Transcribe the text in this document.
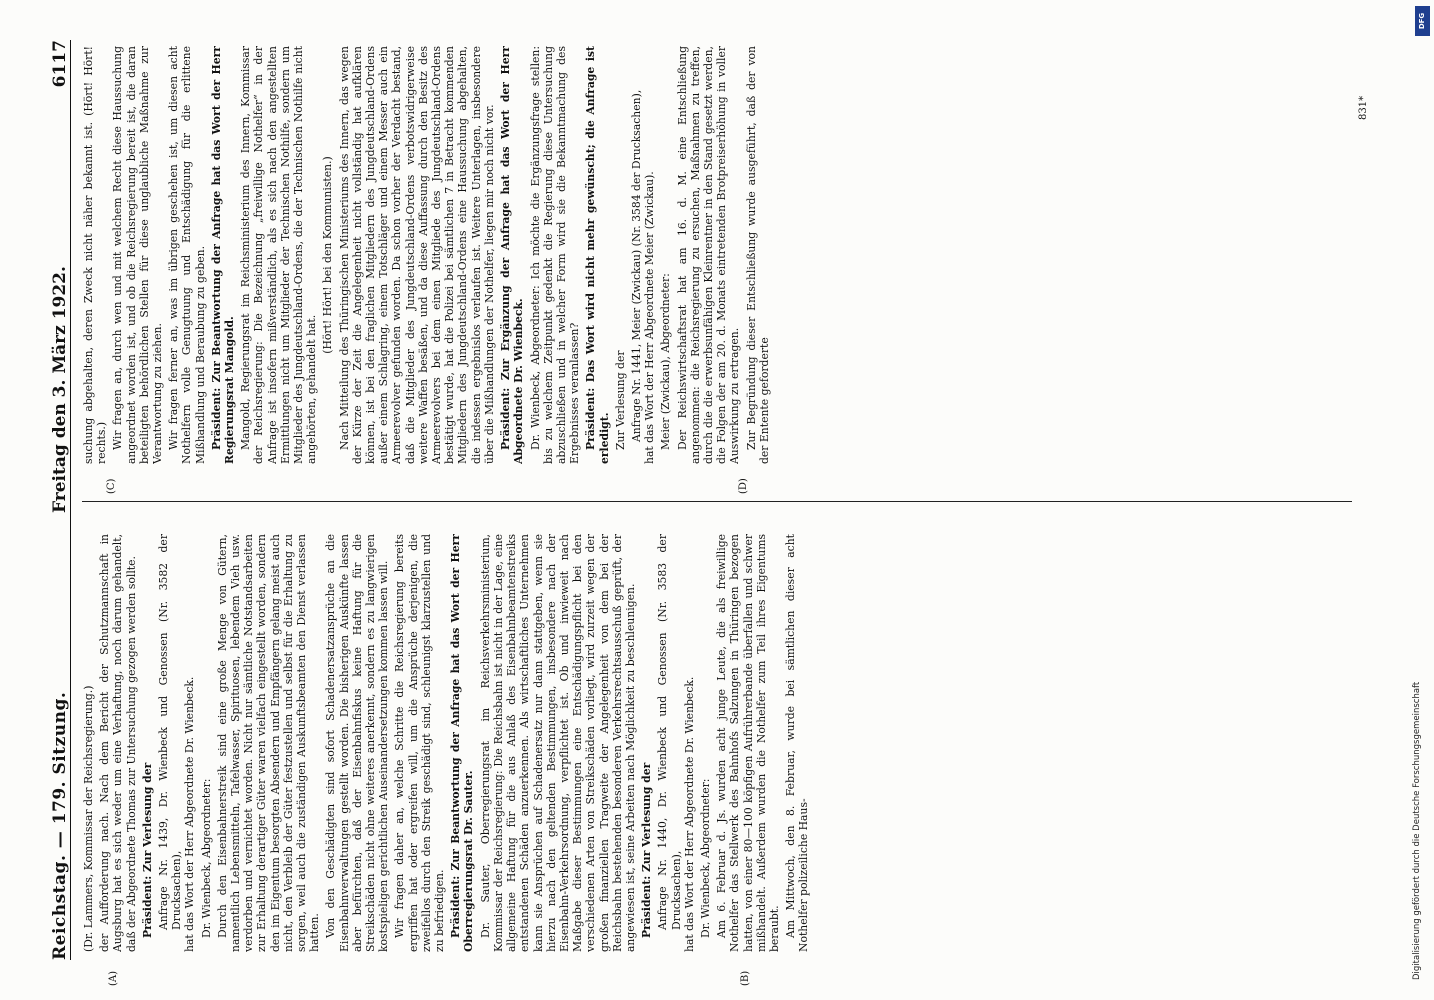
Reichstag. — 179. Sitzung.
Freitag den 3. März 1922.
6117
(A)	(B)
(C)	(D)

(Dr. Lammers, Kommissar der Reichsregierung.) der Aufforderung nach. Nach dem Bericht der Schutzmannschaft in Augsburg hat es sich weder um eine Verhaftung, noch darum gehandelt, daß der Abgeordnete Thomas zur Untersuchung gezogen werden sollte. Präsident: Zur Verlesung der Anfrage Nr. 1439, Dr. Wienbeck und Genossen (Nr. 3582 der Drucksachen), hat das Wort der Herr Abgeordnete Dr. Wienbeck. Dr. Wienbeck, Abgeordneter: Durch den Eisenbahnerstreik sind eine große Menge von Gütern, namentlich Lebensmitteln, Tafelwasser, Spirituosen, lebendem Vieh usw. verdorben und vernichtet worden. Nicht nur sämtliche Notstandsarbeiten zur Erhaltung derartiger Güter waren vielfach eingestellt worden, sondern den im Eigentum besorgten Absendern und Empfängern gelang meist auch nicht, den Verbleib der Güter festzustellen und selbst für die Erhaltung zu sorgen, weil auch die zuständigen Auskunftsbeamten den Dienst verlassen hatten. Von den Geschädigten sind sofort Schadenersatzansprüche an die Eisenbahnverwaltungen gestellt worden. Die bisherigen Auskünfte lassen aber befürchten, daß der Eisenbahnfiskus keine Haftung für die Streikschäden nicht ohne weiteres anerkennt, sondern es zu langwierigen kostspieligen gerichtlichen Auseinandersetzungen kommen lassen will. Wir fragen daher an, welche Schritte die Reichsregierung bereits ergriffen hat oder ergreifen will, um die Ansprüche derjenigen, die zweifellos durch den Streik geschädigt sind, schleunigst klarzustellen und zu befriedigen. Präsident: Zur Beantwortung der Anfrage hat das Wort der Herr Oberregierungsrat Dr. Sauter. Dr. Sauter, Oberregierungsrat im Reichsverkehrsministerium, Kommissar der Reichsregierung: Die Reichsbahn ist nicht in der Lage, eine allgemeine Haftung für die aus Anlaß des Eisenbahnbeamtenstreiks entstandenen Schäden anzuerkennen. Als wirtschaftliches Unternehmen kann sie Ansprüchen auf Schadenersatz nur dann stattgeben, wenn sie hierzu nach den geltenden Bestimmungen, insbesondere nach der Eisenbahn-Verkehrsordnung, verpflichtet ist. Ob und inwieweit nach Maßgabe dieser Bestimmungen eine Entschädigungspflicht bei den verschiedenen Arten von Streikschäden vorliegt, wird zurzeit wegen der großen finanziellen Tragweite der Angelegenheit von dem bei der Reichsbahn bestehenden besonderen Verkehrsrechtsausschuß geprüft, der angewiesen ist, seine Arbeiten nach Möglichkeit zu beschleunigen. Präsident: Zur Verlesung der Anfrage Nr. 1440, Dr. Wienbeck und Genossen (Nr. 3583 der Drucksachen), hat das Wort der Herr Abgeordnete Dr. Wienbeck. Dr. Wienbeck, Abgeordneter: Am 6. Februar d. Js. wurden acht junge Leute, die als freiwillige Nothelfer das Stellwerk des Bahnhofs Salzungen in Thüringen bezogen hatten, von einer 80—100 köpfigen Aufrührerbande überfallen und schwer mißhandelt. Außerdem wurden die Nothelfer zum Teil ihres Eigentums beraubt. Am Mittwoch, den 8. Februar, wurde bei sämtlichen dieser acht Nothelfer polizeiliche Haus-

suchung abgehalten, deren Zweck nicht näher bekannt ist. (Hört! Hört! rechts.) Wir fragen an, durch wen und mit welchem Recht diese Haussuchung angeordnet worden ist, und ob die Reichsregierung bereit ist, die daran beteiligten behördlichen Stellen für diese unglaubliche Maßnahme zur Verantwortung zu ziehen. Wir fragen ferner an, was im übrigen geschehen ist, um diesen acht Nothelfern volle Genugtuung und Entschädigung für die erlittene Mißhandlung und Beraubung zu geben. Präsident: Zur Beantwortung der Anfrage hat das Wort der Herr Regierungsrat Mangold. Mangold, Regierungsrat im Reichsministerium des Innern, Kommissar der Reichsregierung: Die Bezeichnung „freiwillige Nothelfer“ in der Anfrage ist insofern mißverständlich, als es sich nach den angestellten Ermittlungen nicht um Mitglieder der Technischen Nothilfe, sondern um Mitglieder des Jungdeutschland-Ordens, die der Technischen Nothilfe nicht angehörten, gehandelt hat.

(Hört! Hört! bei den Kommunisten.) Nach Mitteilung des Thüringischen Ministeriums des Innern, das wegen der Kürze der Zeit die Angelegenheit nicht vollständig hat aufklären können, ist bei den fraglichen Mitgliedern des Jungdeutschland-Ordens außer einem Schlagring, einem Totschläger und einem Messer auch ein Armeerevolver gefunden worden. Da schon vorher der Verdacht bestand, daß die Mitglieder des Jungdeutschland-Ordens verbotswidrigerweise weitere Waffen besäßen, und da diese Auffassung durch den Besitz des Armeerevolvers bei dem einen Mitgliede des Jungdeutschland-Ordens bestätigt wurde, hat die Polizei bei sämtlichen 7 in Betracht kommenden Mitgliedern des Jungdeutschland-Ordens eine Haussuchung abgehalten, die indessen ergebnislos verlaufen ist. Weitere Unterlagen, insbesondere über die Mißhandlungen der Nothelfer, liegen mir noch nicht vor. Präsident: Zur Ergänzung der Anfrage hat das Wort der Herr Abgeordnete Dr. Wienbeck. Dr. Wienbeck, Abgeordneter: Ich möchte die Ergänzungsfrage stellen: bis zu welchem Zeitpunkt gedenkt die Regierung diese Untersuchung abzuschließen und in welcher Form wird sie die Bekanntmachung des Ergebnisses veranlassen? Präsident: Das Wort wird nicht mehr gewünscht; die Anfrage ist erledigt. Zur Verlesung der Anfrage Nr. 1441, Meier (Zwickau) (Nr. 3584 der Drucksachen), hat das Wort der Herr Abgeordnete Meier (Zwickau). Meier (Zwickau), Abgeordneter: Der Reichswirtschaftsrat hat am 16. d. M. eine Entschließung angenommen: die Reichsregierung zu ersuchen, Maßnahmen zu treffen, durch die die erwerbsunfähigen Kleinrentner in den Stand gesetzt werden, die Folgen der am 20. d. Monats eintretenden Brotpreiserhöhung in voller Auswirkung zu ertragen. Zur Begründung dieser Entschließung wurde ausgeführt, daß der von der Entente geforderte

831*
DFG
Digitalisierung gefördert durch die Deutsche Forschungsgemeinschaft
